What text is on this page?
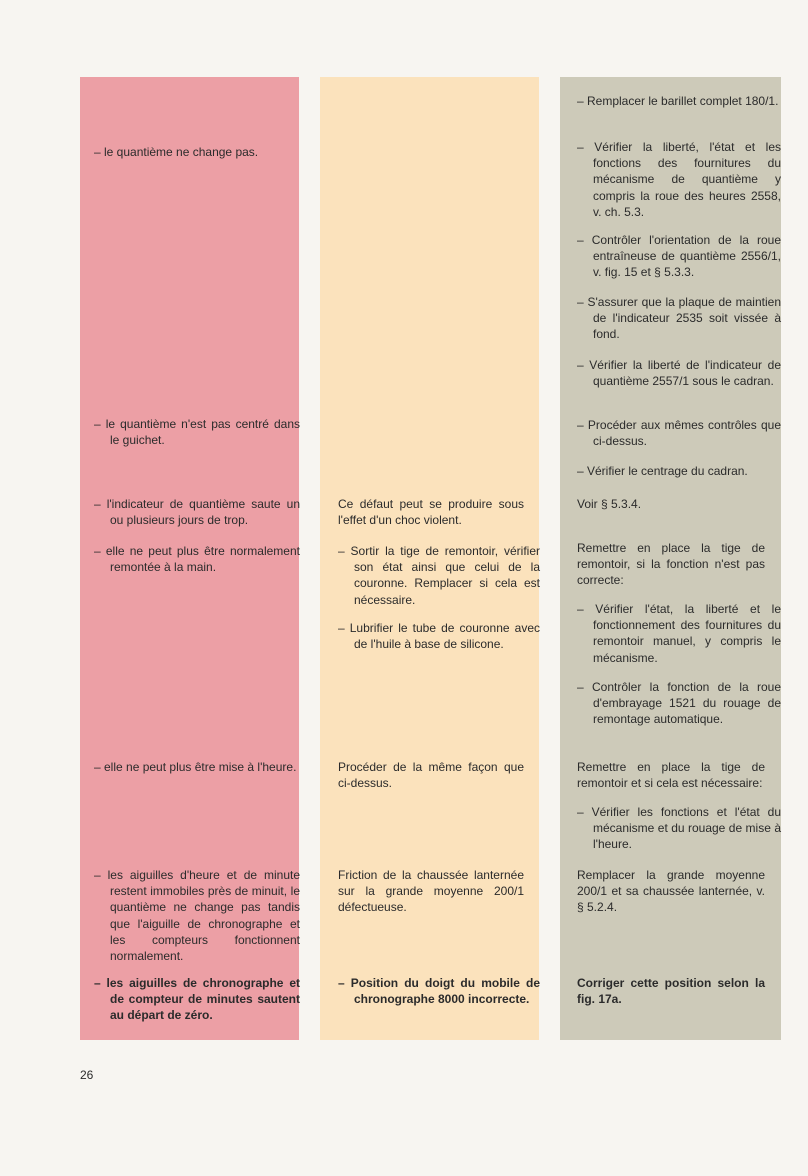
– le quantième ne change pas.

– le quantième n'est pas centré dans le guichet.

– l'indicateur de quantième saute un ou plusieurs jours de trop.

– elle ne peut plus être normalement remontée à la main.

– elle ne peut plus être mise à l'heure.

– les aiguilles d'heure et de minute restent immobiles près de minuit, le quantième ne change pas tandis que l'aiguille de chronographe et les compteurs fonctionnent normalement.

– les aiguilles de chronographe et de compteur de minutes sautent au départ de zéro.

Ce défaut peut se produire sous l'effet d'un choc violent.

– Sortir la tige de remontoir, vérifier son état ainsi que celui de la couronne. Remplacer si cela est nécessaire.

– Lubrifier le tube de couronne avec de l'huile à base de silicone.

Procéder de la même façon que ci-dessus.

Friction de la chaussée lanternée sur la grande moyenne 200/1 défectueuse.

– Position du doigt du mobile de chronographe 8000 incorrecte.

– Remplacer le barillet complet 180/1.

– Vérifier la liberté, l'état et les fonctions des fournitures du mécanisme de quantième y compris la roue des heures 2558, v. ch. 5.3.

– Contrôler l'orientation de la roue entraîneuse de quantième 2556/1, v. fig. 15 et § 5.3.3.

– S'assurer que la plaque de maintien de l'indicateur 2535 soit vissée à fond.

– Vérifier la liberté de l'indicateur de quantième 2557/1 sous le cadran.

– Procéder aux mêmes contrôles que ci-dessus.

– Vérifier le centrage du cadran.

Voir § 5.3.4.

Remettre en place la tige de remontoir, si la fonction n'est pas correcte:

– Vérifier l'état, la liberté et le fonctionnement des fournitures du remontoir manuel, y compris le mécanisme.

– Contrôler la fonction de la roue d'embrayage 1521 du rouage de remontage automatique.

Remettre en place la tige de remontoir et si cela est nécessaire:

– Vérifier les fonctions et l'état du mécanisme et du rouage de mise à l'heure.

Remplacer la grande moyenne 200/1 et sa chaussée lanternée, v. § 5.2.4.

Corriger cette position selon la fig. 17a.

26
